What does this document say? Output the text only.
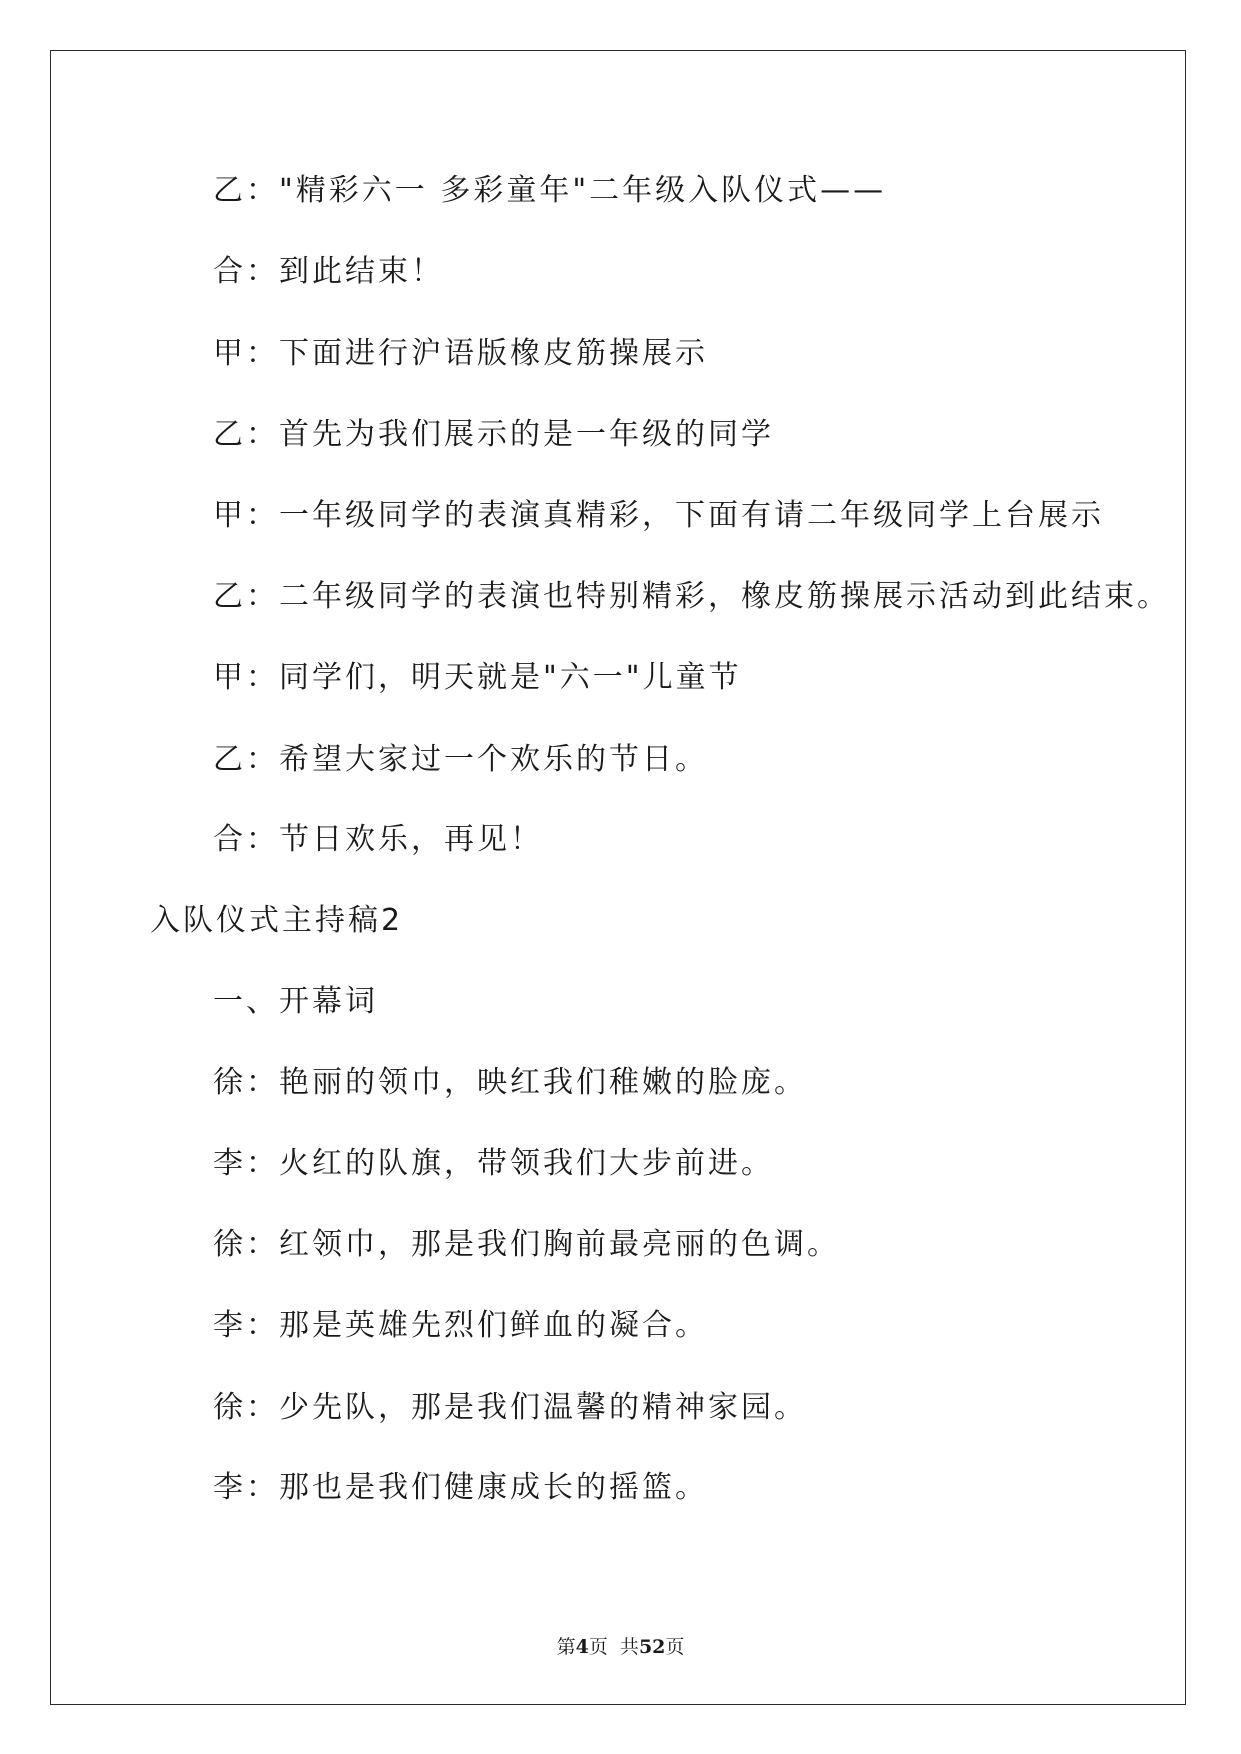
乙："精彩六一 多彩童年"二年级入队仪式——
合：到此结束！
甲：下面进行沪语版橡皮筋操展示
乙：首先为我们展示的是一年级的同学
甲：一年级同学的表演真精彩，下面有请二年级同学上台展示
乙：二年级同学的表演也特别精彩，橡皮筋操展示活动到此结束。
甲：同学们，明天就是"六一"儿童节
乙：希望大家过一个欢乐的节日。
合：节日欢乐，再见！
入队仪式主持稿2
一、开幕词
徐：艳丽的领巾，映红我们稚嫩的脸庞。
李：火红的队旗，带领我们大步前进。
徐：红领巾，那是我们胸前最亮丽的色调。
李：那是英雄先烈们鲜血的凝合。
徐：少先队，那是我们温馨的精神家园。
李：那也是我们健康成长的摇篮。
第4页  共52页
